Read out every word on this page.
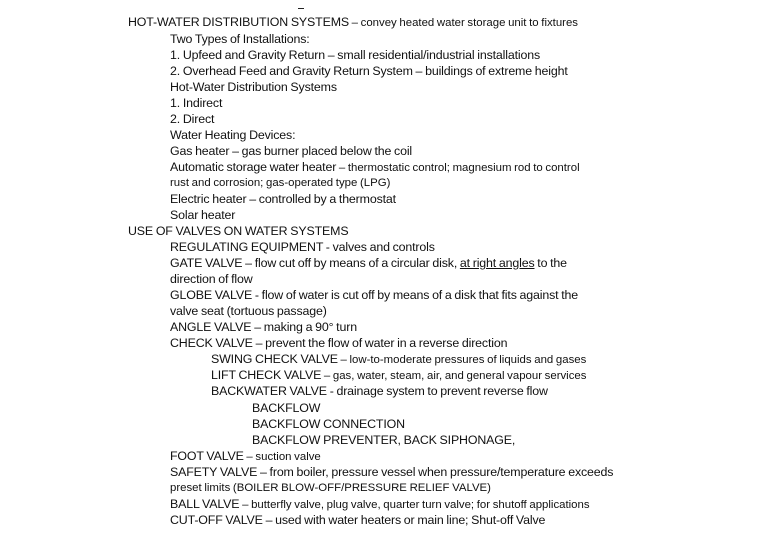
HOT-WATER DISTRIBUTION SYSTEMS – convey heated water storage unit to fixtures
Two Types of Installations:
1. Upfeed and Gravity Return – small residential/industrial installations
2. Overhead Feed and Gravity Return System – buildings of extreme height
Hot-Water Distribution Systems
1. Indirect
2. Direct
Water Heating Devices:
Gas heater – gas burner placed below the coil
Automatic storage water heater – thermostatic control; magnesium rod to control
rust and corrosion; gas-operated type (LPG)
Electric heater – controlled by a thermostat
Solar heater
USE OF VALVES ON WATER SYSTEMS
REGULATING EQUIPMENT - valves and controls
GATE VALVE – flow cut off by means of a circular disk, at right angles to the
direction of flow
GLOBE VALVE - flow of water is cut off by means of a disk that fits against the
valve seat (tortuous passage)
ANGLE VALVE – making a 90° turn
CHECK VALVE – prevent the flow of water in a reverse direction
SWING CHECK VALVE – low-to-moderate pressures of liquids and gases
LIFT CHECK VALVE – gas, water, steam, air, and general vapour services
BACKWATER VALVE - drainage system to prevent reverse flow
BACKFLOW
BACKFLOW CONNECTION
BACKFLOW PREVENTER, BACK SIPHONAGE,
FOOT VALVE – suction valve
SAFETY VALVE – from boiler, pressure vessel when pressure/temperature exceeds
preset limits (BOILER BLOW-OFF/PRESSURE RELIEF VALVE)
BALL VALVE – butterfly valve, plug valve, quarter turn valve; for shutoff applications
CUT-OFF VALVE – used with water heaters or main line; Shut-off Valve
